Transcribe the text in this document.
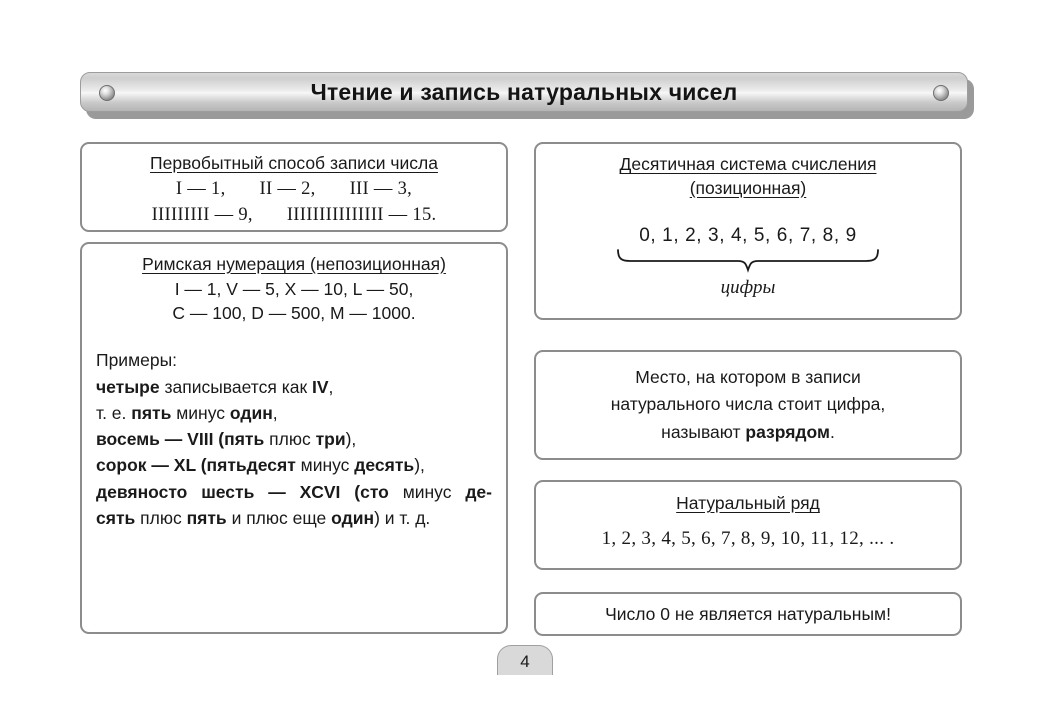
Чтение и запись натуральных чисел
Первобытный способ записи числа
I — 1, II — 2, III — 3,
IIIIIIIII — 9, IIIIIIIIIIIIIII — 15.
Римская нумерация (непозиционная)
I — 1, V — 5, X — 10, L — 50,
C — 100, D — 500, M — 1000.
Примеры:
четыре записывается как IV,
т. е. пять минус один,
восемь — VIII (пять плюс три),
сорок — XL (пятьдесят минус десять),
девяносто шесть — XCVI (сто минус де-
сять плюс пять и плюс еще один) и т. д.
Десятичная система счисления
(позиционная)
0, 1, 2, 3, 4, 5, 6, 7, 8, 9
цифры
Место, на котором в записи
натурального числа стоит цифра,
называют разрядом.
Натуральный ряд
1, 2, 3, 4, 5, 6, 7, 8, 9, 10, 11, 12, ... .
Число 0 не является натуральным!
4
